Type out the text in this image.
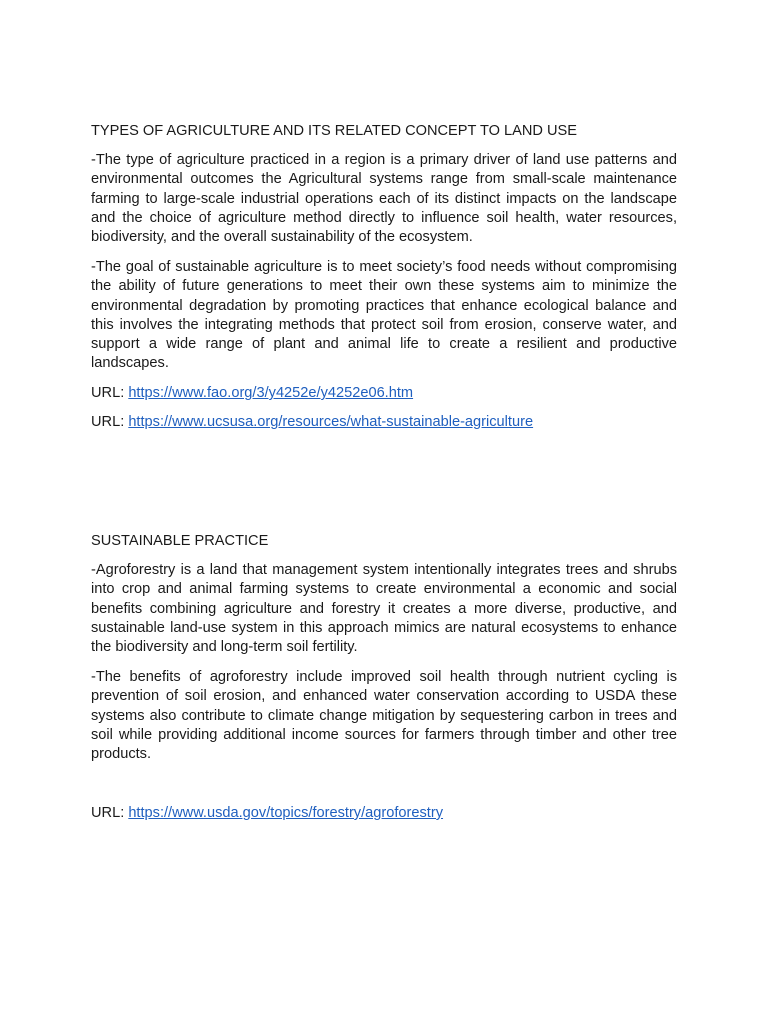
TYPES OF AGRICULTURE AND ITS RELATED CONCEPT TO LAND USE

-The type of agriculture practiced in a region is a primary driver of land use patterns and environmental outcomes the Agricultural systems range from small-scale maintenance farming to large-scale industrial operations each of its distinct impacts on the landscape and the choice of agriculture method directly to influence soil health, water resources, biodiversity, and the overall sustainability of the ecosystem.

-The goal of sustainable agriculture is to meet society’s food needs without compromising the ability of future generations to meet their own these systems aim to minimize the environmental degradation by promoting practices that enhance ecological balance and this involves the integrating methods that protect soil from erosion, conserve water, and support a wide range of plant and animal life to create a resilient and productive landscapes.

URL: https://www.fao.org/3/y4252e/y4252e06.htm

URL: https://www.ucsusa.org/resources/what-sustainable-agriculture

SUSTAINABLE PRACTICE

-Agroforestry is a land that management system intentionally integrates trees and shrubs into crop and animal farming systems to create environmental a economic and social benefits combining agriculture and forestry it creates a more diverse, productive, and sustainable land-use system in this approach mimics are natural ecosystems to enhance the biodiversity and long-term soil fertility.

-The benefits of agroforestry include improved soil health through nutrient cycling is prevention of soil erosion, and enhanced water conservation according to USDA these systems also contribute to climate change mitigation by sequestering carbon in trees and soil while providing additional income sources for farmers through timber and other tree products.

URL: https://www.usda.gov/topics/forestry/agroforestry
